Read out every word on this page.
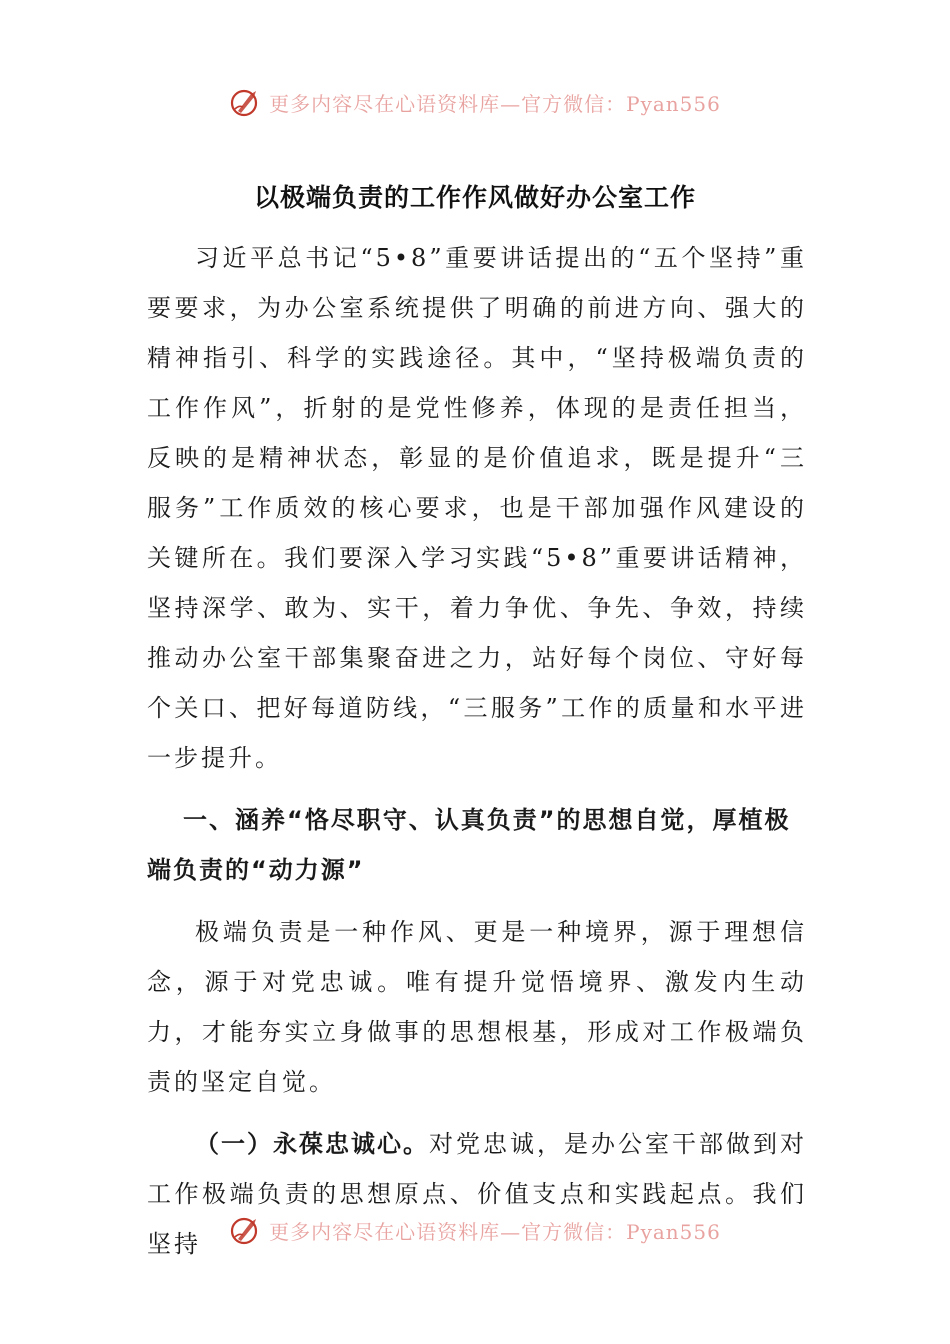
更多内容尽在心语资料库—官方微信：Pyan556
以极端负责的工作作风做好办公室工作

习近平总书记“5•8”重要讲话提出的“五个坚持”重要要求，为办公室系统提供了明确的前进方向、强大的精神指引、科学的实践途径。其中，“坚持极端负责的工作作风”，折射的是党性修养，体现的是责任担当，反映的是精神状态，彰显的是价值追求，既是提升“三服务”工作质效的核心要求，也是干部加强作风建设的关键所在。我们要深入学习实践“5•8”重要讲话精神，坚持深学、敢为、实干，着力争优、争先、争效，持续推动办公室干部集聚奋进之力，站好每个岗位、守好每个关口、把好每道防线，“三服务”工作的质量和水平进一步提升。

一、涵养“恪尽职守、认真负责”的思想自觉，厚植极端负责的“动力源”

极端负责是一种作风、更是一种境界，源于理想信念，源于对党忠诚。唯有提升觉悟境界、激发内生动力，才能夯实立身做事的思想根基，形成对工作极端负责的坚定自觉。

（一）永葆忠诚心。对党忠诚，是办公室干部做到对工作极端负责的思想原点、价值支点和实践起点。我们坚持	更多内容尽在心语资料库—官方微信：Pyan556
